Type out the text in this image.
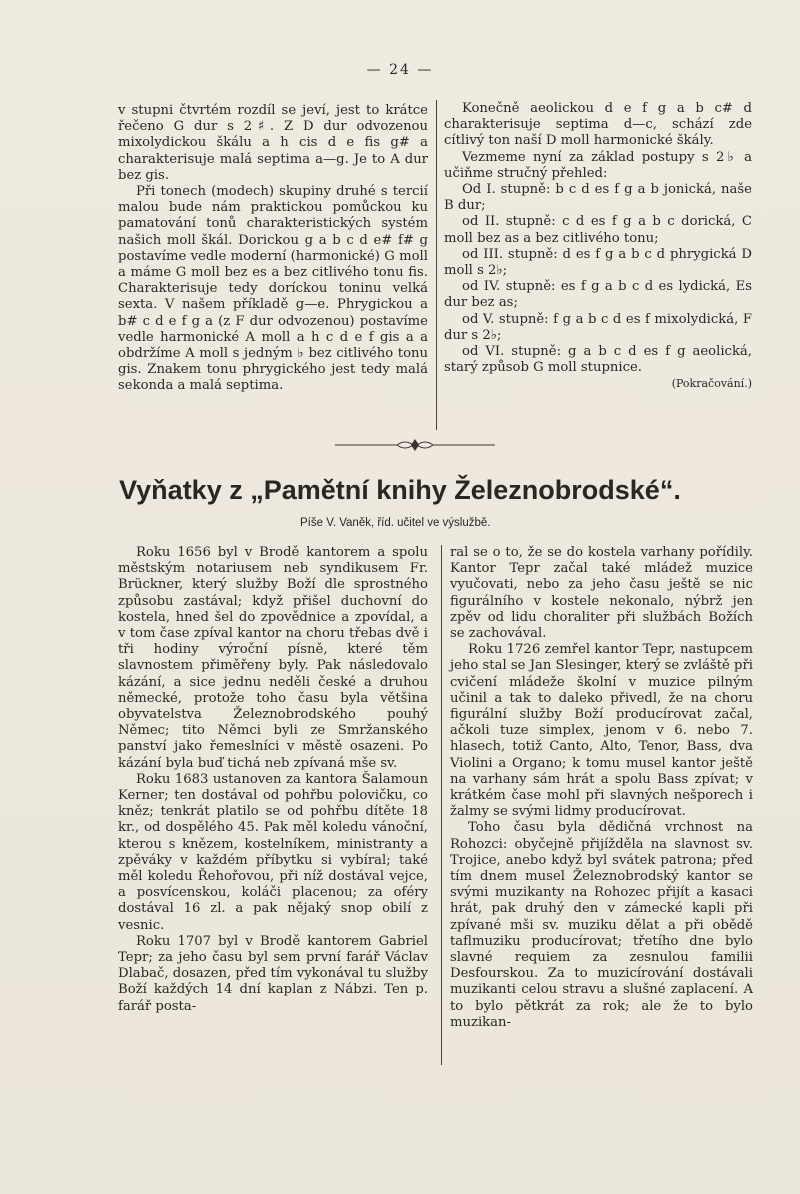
— 24 —

v stupni čtvrtém rozdíl se jeví, jest to krátce řečeno G dur s 2♯. Z D dur odvozenou mixolydickou škálu a h cis d e fis g# a charakterisuje malá septima a—g. Je to A dur bez gis.

Při tonech (modech) skupiny druhé s tercií malou bude nám praktickou pomůckou ku pamatování tonů charakteristických systém našich moll škál. Dorickou g a b c d e# f# g postavíme vedle moderní (harmonické) G moll a máme G moll bez es a bez citlivého tonu fis. Charakterisuje tedy doríckou toninu velká sexta. V našem příkladě g—e. Phrygickou a b# c d e f g a (z F dur odvozenou) postavíme vedle harmonické A moll a h c d e f gis a a obdržíme A moll s jedným ♭ bez citlivého tonu gis. Znakem tonu phrygického jest tedy malá sekonda a malá septima.

Konečně aeolickou d e f g a b c# d charakterisuje septima d—c, schází zde cítlivý ton naší D moll harmonické škály.

Vezmeme nyní za základ postupy s 2♭ a učiňme stručný přehled:

Od I. stupně: b c d es f g a b jonická, naše B dur;

od II. stupně: c d es f g a b c dorická, C moll bez as a bez citlivého tonu;

od III. stupně: d es f g a b c d phrygická D moll s 2♭;

od IV. stupně: es f g a b c d es lydická, Es dur bez as;

od V. stupně: f g a b c d es f mixolydická, F dur s 2♭;

od VI. stupně: g a b c d es f g aeolická, starý způsob G moll stupnice.

(Pokračování.)

Vyňatky z „Pamětní knihy Železnobrodské“.
Píše V. Vaněk, říd. učitel ve výslužbě.

Roku 1656 byl v Brodě kantorem a spolu městským notariusem neb syndikusem Fr. Brückner, který služby Boží dle sprostného způsobu zastával; když přišel duchovní do kostela, hned šel do zpovědnice a zpovídal, a v tom čase zpíval kantor na choru třebas dvě i tři hodiny výroční písně, které těm slavnostem přiměřeny byly. Pak následovalo kázání, a sice jednu neděli české a druhou německé, protože toho času byla většina obyvatelstva Železnobrodského pouhý Němec; tito Němci byli ze Smržanského panství jako řemeslníci v městě osazeni. Po kázání byla buď tichá neb zpívaná mše sv.

Roku 1683 ustanoven za kantora Šalamoun Kerner; ten dostával od pohřbu polovičku, co kněz; tenkrát platilo se od pohřbu dítěte 18 kr., od dospělého 45. Pak měl koledu vánoční, kterou s knězem, kostelníkem, ministranty a zpěváky v každém příbytku si vybíral; také měl koledu Řehořovou, při níž dostával vejce, a posvícenskou, koláči placenou; za oféry dostával 16 zl. a pak nějaký snop obilí z vesnic.

Roku 1707 byl v Brodě kantorem Gabriel Tepr; za jeho času byl sem první farář Václav Dlabač, dosazen, před tím vykonával tu služby Boží každých 14 dní kaplan z Nábzi. Ten p. farář posta-

ral se o to, že se do kostela varhany pořídily. Kantor Tepr začal také mládež muzice vyučovati, nebo za jeho času ještě se nic figurálního v kostele nekonalo, nýbrž jen zpěv od lidu choraliter při službách Božích se zachovával.

Roku 1726 zemřel kantor Tepr, nastupcem jeho stal se Jan Slesinger, který se zvláště při cvičení mládeže školní v muzice pilným učinil a tak to daleko přivedl, že na choru figurální služby Boží producírovat začal, ačkoli tuze simplex, jenom v 6. nebo 7. hlasech, totiž Canto, Alto, Tenor, Bass, dva Violini a Organo; k tomu musel kantor ještě na varhany sám hrát a spolu Bass zpívat; v krátkém čase mohl při slavných nešporech i žalmy se svými lidmy producírovat.

Toho času byla dědičná vrchnost na Rohozci: obyčejně přijížděla na slavnost sv. Trojice, anebo když byl svátek patrona; před tím dnem musel Železnobrodský kantor se svými muzikanty na Rohozec přijít a kasaci hrát, pak druhý den v zámecké kapli při zpívané mši sv. muziku dělat a při obědě taflmuziku producírovat; třetího dne bylo slavné requiem za zesnulou familii Desfourskou. Za to muzicírování dostávali muzikanti celou stravu a slušné zaplacení. A to bylo pětkrát za rok; ale že to bylo muzikan-
